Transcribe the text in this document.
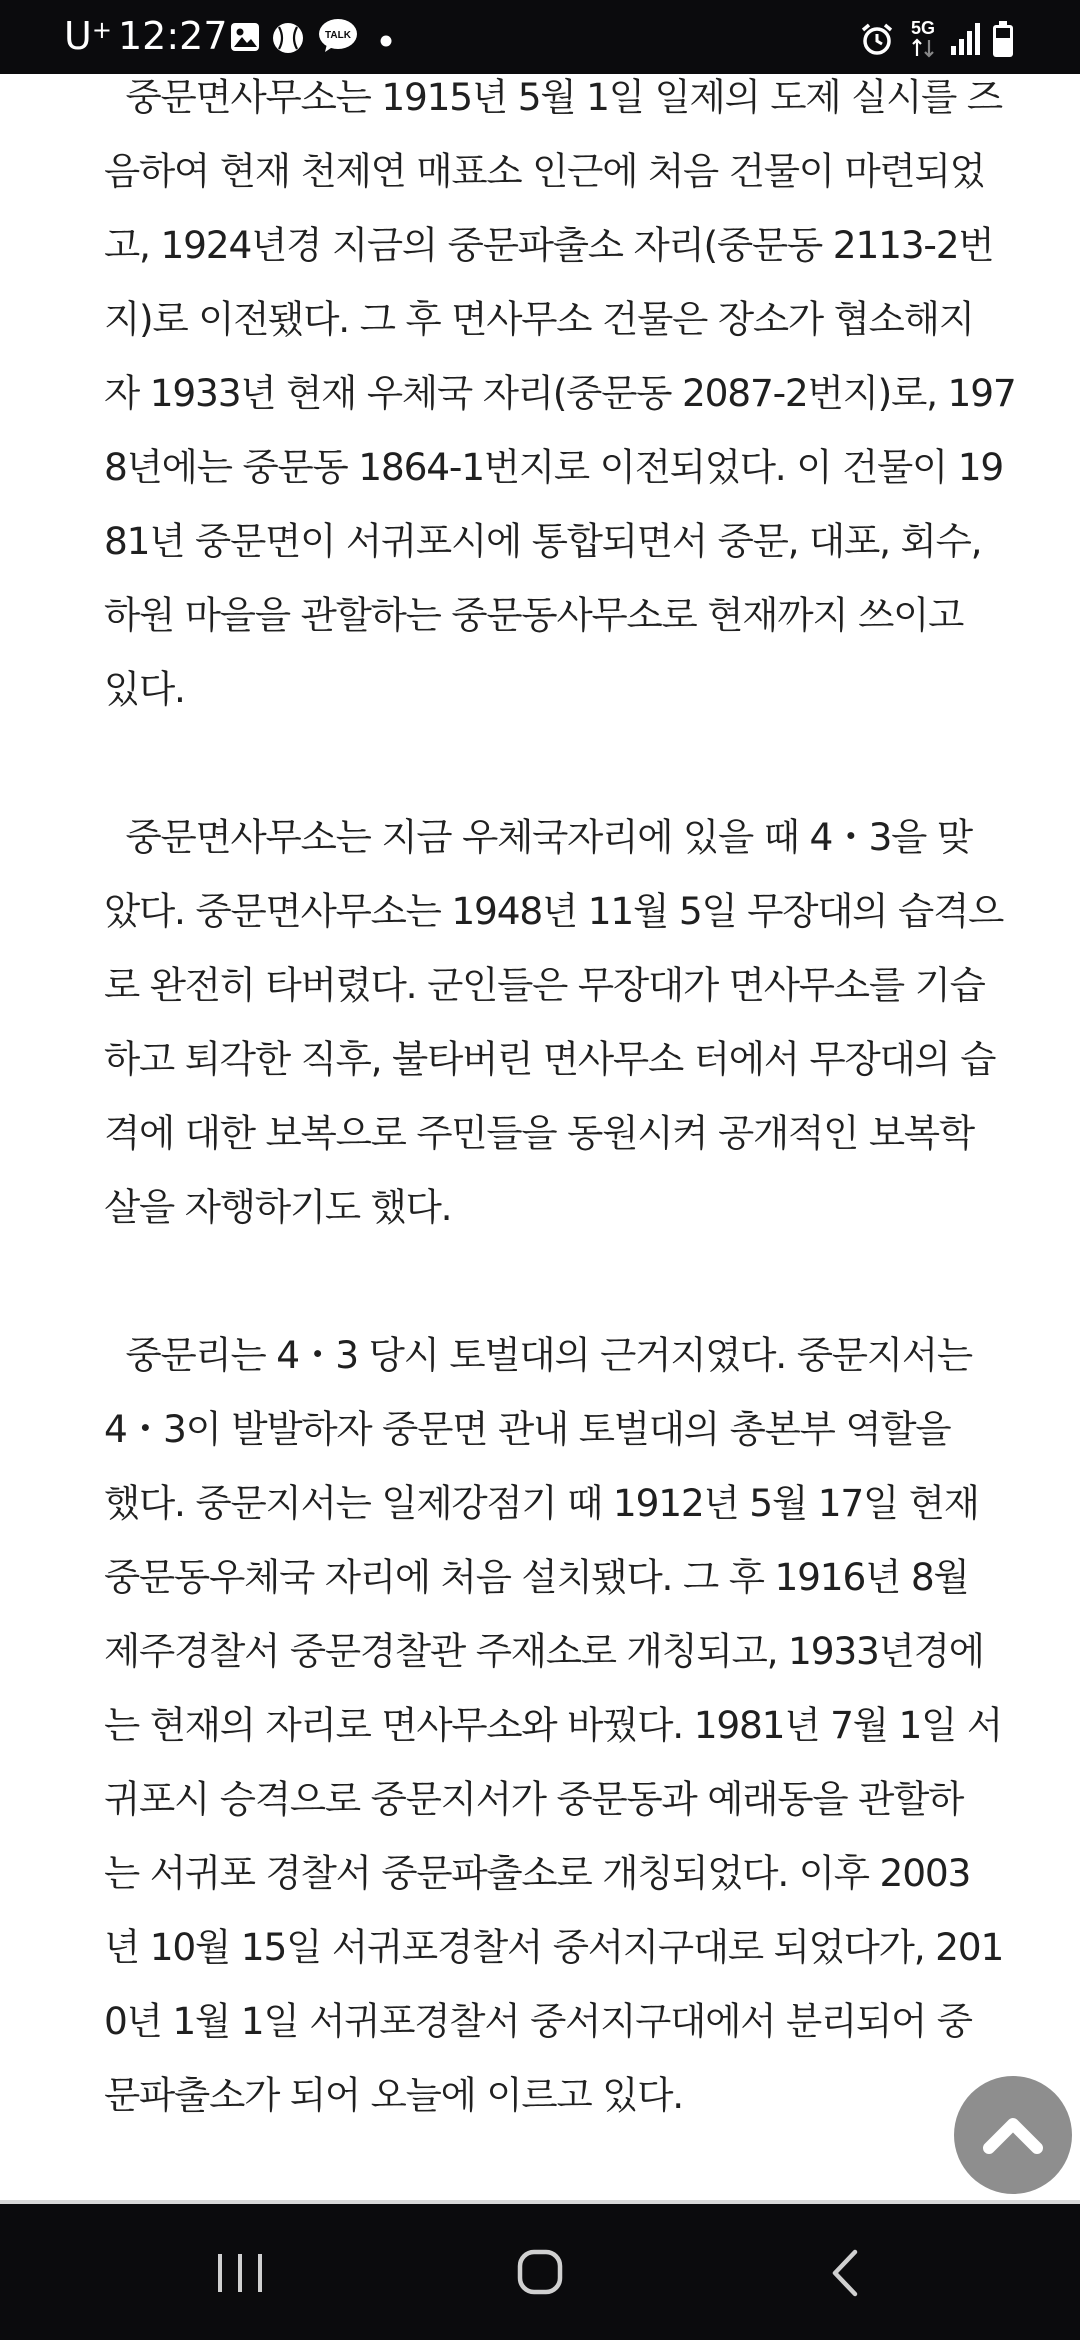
U+ 12:27	TALK	5G

중문면사무소는 1915년 5월 1일 일제의 도제 실시를 즈
음하여 현재 천제연 매표소 인근에 처음 건물이 마련되었
고, 1924년경 지금의 중문파출소 자리(중문동 2113-2번
지)로 이전됐다. 그 후 면사무소 건물은 장소가 협소해지
자 1933년 현재 우체국 자리(중문동 2087-2번지)로, 197
8년에는 중문동 1864-1번지로 이전되었다. 이 건물이 19
81년 중문면이 서귀포시에 통합되면서 중문, 대포, 회수,
하원 마을을 관할하는 중문동사무소로 현재까지 쓰이고
있다.

중문면사무소는 지금 우체국자리에 있을 때 4・3을 맞
았다. 중문면사무소는 1948년 11월 5일 무장대의 습격으
로 완전히 타버렸다. 군인들은 무장대가 면사무소를 기습
하고 퇴각한 직후, 불타버린 면사무소 터에서 무장대의 습
격에 대한 보복으로 주민들을 동원시켜 공개적인 보복학
살을 자행하기도 했다.

중문리는 4・3 당시 토벌대의 근거지였다. 중문지서는
4・3이 발발하자 중문면 관내 토벌대의 총본부 역할을
했다. 중문지서는 일제강점기 때 1912년 5월 17일 현재
중문동우체국 자리에 처음 설치됐다. 그 후 1916년 8월
제주경찰서 중문경찰관 주재소로 개칭되고, 1933년경에
는 현재의 자리로 면사무소와 바꿨다. 1981년 7월 1일 서
귀포시 승격으로 중문지서가 중문동과 예래동을 관할하
는 서귀포 경찰서 중문파출소로 개칭되었다. 이후 2003
년 10월 15일 서귀포경찰서 중서지구대로 되었다가, 201
0년 1월 1일 서귀포경찰서 중서지구대에서 분리되어 중
문파출소가 되어 오늘에 이르고 있다.
